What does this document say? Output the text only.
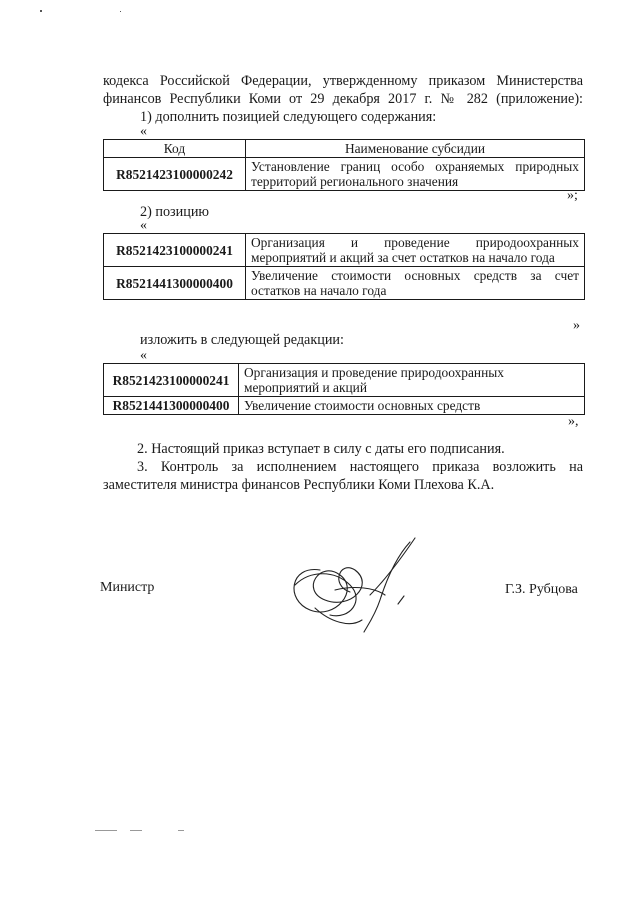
кодекса Российской Федерации, утвержденному приказом Министерства
финансов Республики Коми от 29 декабря 2017 г. № 282 (приложение):
1) дополнить позицией следующего содержания:
«
Код	Наименование субсидии
R8521423100000242	Установление границ особо охраняемых природных территорий регионального значения
»;
2) позицию
«
R8521423100000241	Организация и проведение природоохранных мероприятий и акций за счет остатков на начало года
R8521441300000400	Увеличение стоимости основных средств за счет остатков на начало года
»
изложить в следующей редакции:
«
R8521423100000241	Организация и проведение природоохранных мероприятий и акций
R8521441300000400	Увеличение стоимости основных средств
»,
2. Настоящий приказ вступает в силу с даты его подписания.
3. Контроль за исполнением настоящего приказа возложить на
заместителя министра финансов Республики Коми Плехова К.А.
Министр	Г.З. Рубцова
